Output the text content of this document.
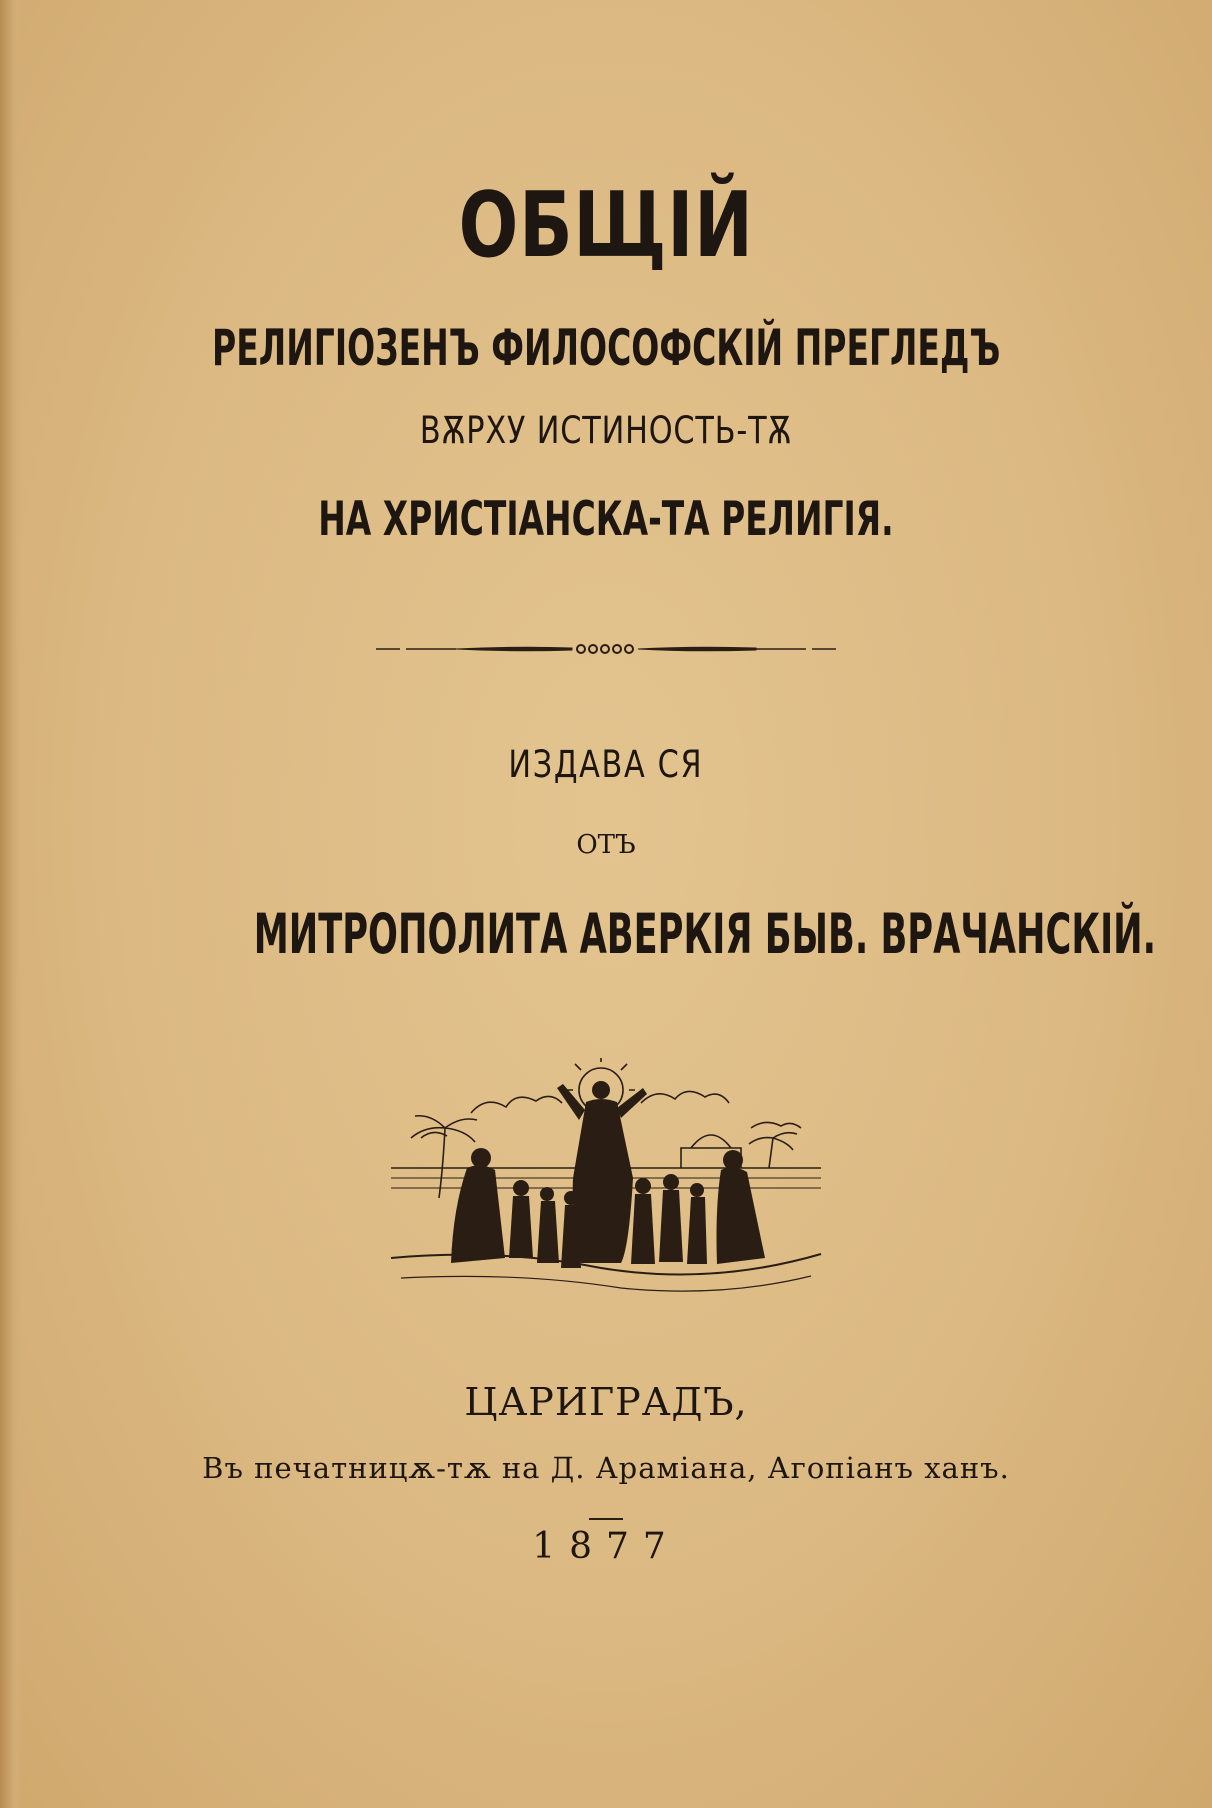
ОБЩІЙ
РЕЛИГІОЗЕНЪ ФИЛОСОФСКІЙ ПРЕГЛЕДЪ
ВѪРХУ ИСТИНОСТЬ-ТѪ
НА ХРИСТІАНСКА-ТА РЕЛИГІЯ.
ИЗДАВА СЯ
ОТЪ
МИТРОПОЛИТА АВЕРКІЯ БЫВ. ВРАЧАНСКІЙ.
ЦАРИГРАДЪ,
Въ печатницѫ-тѫ на Д. Арамiана, Агопiанъ ханъ.
1877
